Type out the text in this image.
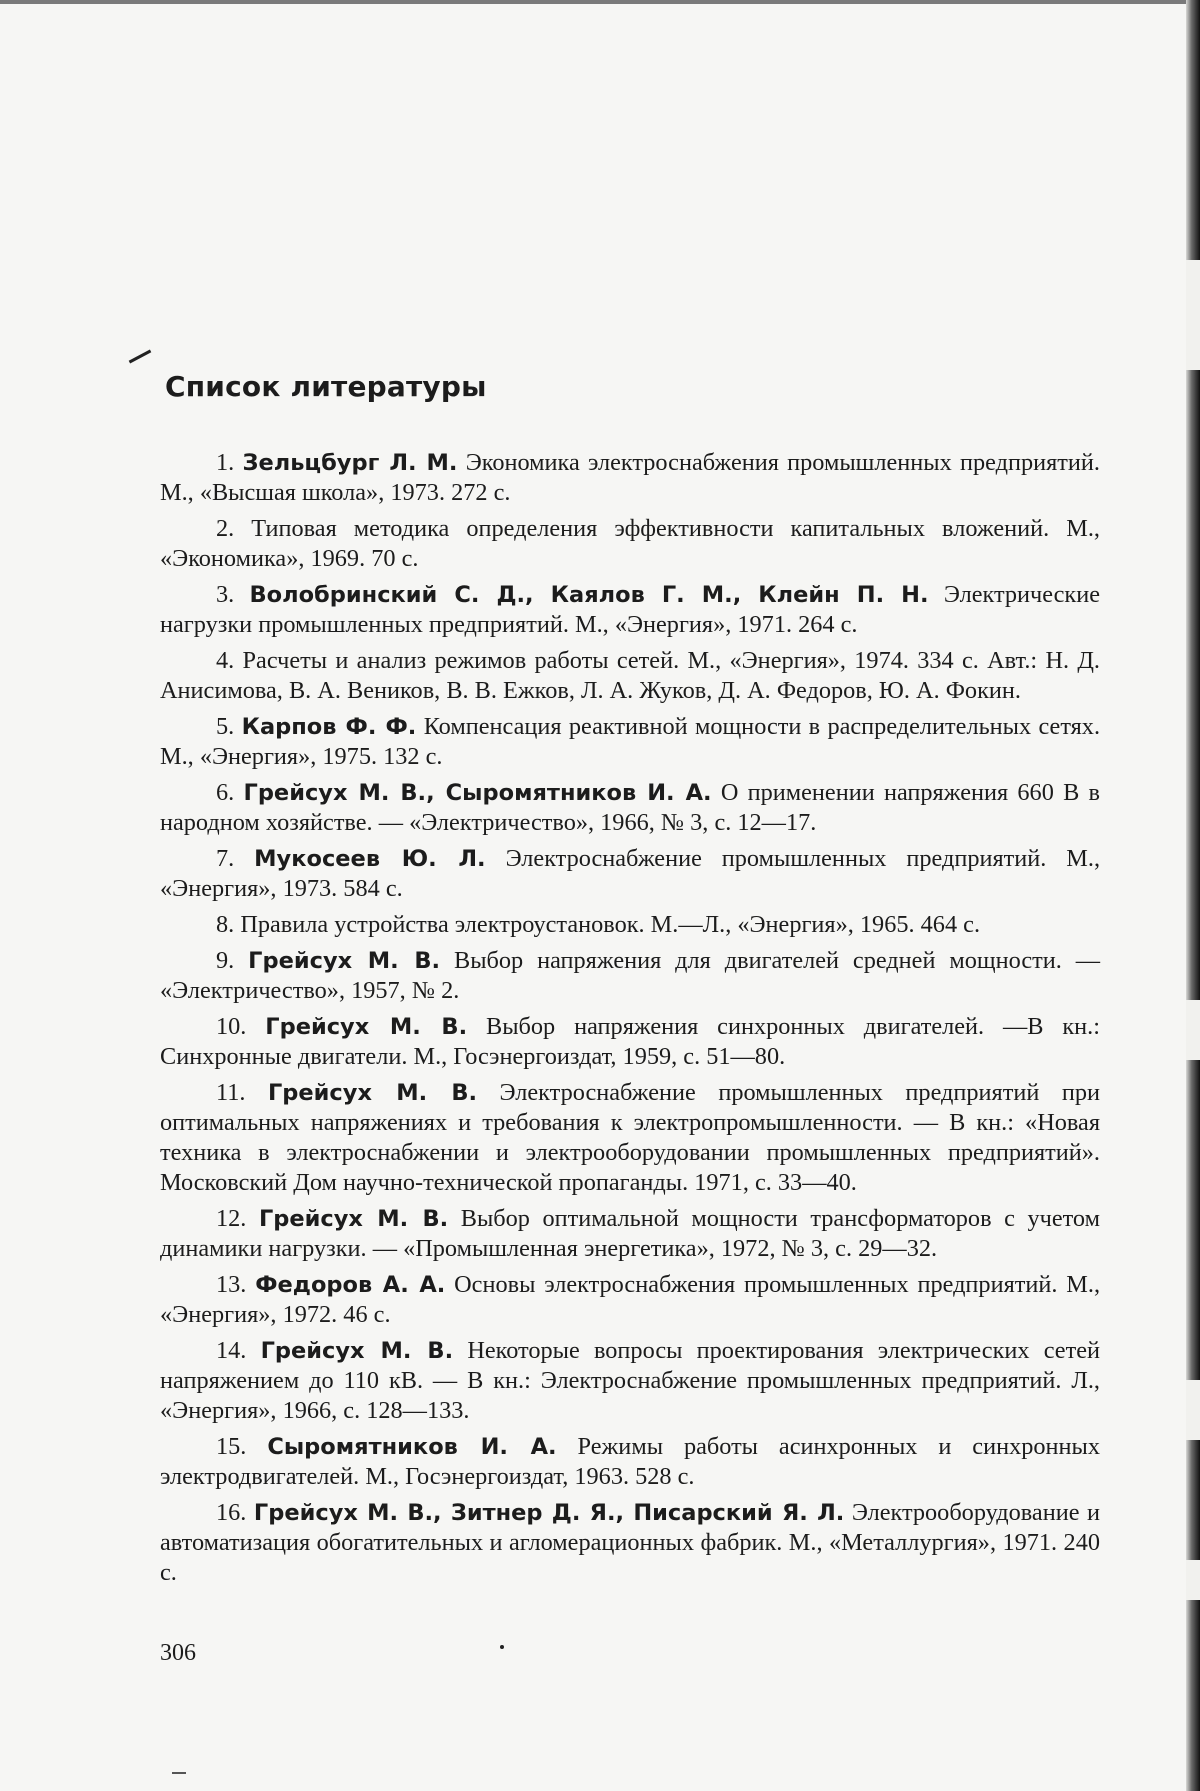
Список литературы

1. Зельцбург Л. М. Экономика электроснабжения промышленных предприятий. М., «Высшая школа», 1973. 272 с.

2. Типовая методика определения эффективности капитальных вложений. М., «Экономика», 1969. 70 с.

3. Волобринский С. Д., Каялов Г. М., Клейн П. Н. Электрические нагрузки промышленных предприятий. М., «Энергия», 1971. 264 с.

4. Расчеты и анализ режимов работы сетей. М., «Энергия», 1974. 334 с. Авт.: Н. Д. Анисимова, В. А. Веников, В. В. Ежков, Л. А. Жуков, Д. А. Федоров, Ю. А. Фокин.

5. Карпов Ф. Ф. Компенсация реактивной мощности в распределительных сетях. М., «Энергия», 1975. 132 с.

6. Грейсух М. В., Сыромятников И. А. О применении напряжения 660 В в народном хозяйстве. — «Электричество», 1966, № 3, с. 12—17.

7. Мукосеев Ю. Л. Электроснабжение промышленных предприятий. М., «Энергия», 1973. 584 с.

8. Правила устройства электроустановок. М.—Л., «Энергия», 1965. 464 с.

9. Грейсух М. В. Выбор напряжения для двигателей средней мощности. — «Электричество», 1957, № 2.

10. Грейсух М. В. Выбор напряжения синхронных двигателей. —В кн.: Синхронные двигатели. М., Госэнергоиздат, 1959, с. 51—80.

11. Грейсух М. В. Электроснабжение промышленных предприятий при оптимальных напряжениях и требования к электропромышленности. — В кн.: «Новая техника в электроснабжении и электрооборудовании промышленных предприятий». Московский Дом научно-технической пропаганды. 1971, с. 33—40.

12. Грейсух М. В. Выбор оптимальной мощности трансформаторов с учетом динамики нагрузки. — «Промышленная энергетика», 1972, № 3, с. 29—32.

13. Федоров А. А. Основы электроснабжения промышленных предприятий. М., «Энергия», 1972. 46 с.

14. Грейсух М. В. Некоторые вопросы проектирования электрических сетей напряжением до 110 кВ. — В кн.: Электроснабжение промышленных предприятий. Л., «Энергия», 1966, с. 128—133.

15. Сыромятников И. А. Режимы работы асинхронных и синхронных электродвигателей. М., Госэнергоиздат, 1963. 528 с.

16. Грейсух М. В., Зитнер Д. Я., Писарский Я. Л. Электрооборудование и автоматизация обогатительных и агломерационных фабрик. М., «Металлургия», 1971. 240 с.

306
